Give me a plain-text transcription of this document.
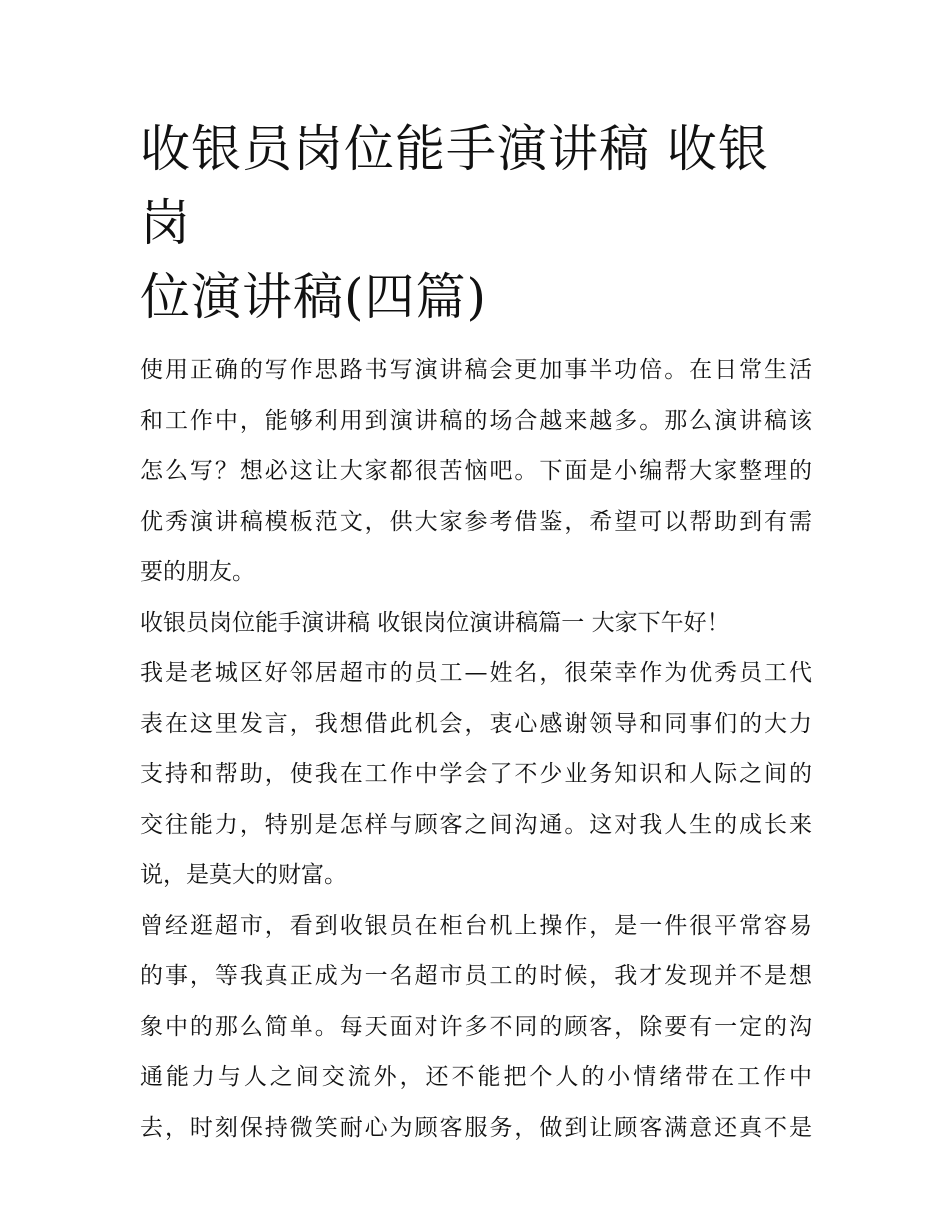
收银员岗位能手演讲稿 收银岗
位演讲稿(四篇)

使用正确的写作思路书写演讲稿会更加事半功倍。在日常生活
和工作中，能够利用到演讲稿的场合越来越多。那么演讲稿该
怎么写？想必这让大家都很苦恼吧。下面是小编帮大家整理的
优秀演讲稿模板范文，供大家参考借鉴，希望可以帮助到有需
要的朋友。

收银员岗位能手演讲稿 收银岗位演讲稿篇一 大家下午好！

我是老城区好邻居超市的员工—姓名，很荣幸作为优秀员工代
表在这里发言，我想借此机会，衷心感谢领导和同事们的大力
支持和帮助，使我在工作中学会了不少业务知识和人际之间的
交往能力，特别是怎样与顾客之间沟通。这对我人生的成长来
说，是莫大的财富。

曾经逛超市，看到收银员在柜台机上操作，是一件很平常容易
的事，等我真正成为一名超市员工的时候，我才发现并不是想
象中的那么简单。每天面对许多不同的顾客，除要有一定的沟
通能力与人之间交流外，还不能把个人的小情绪带在工作中
去，时刻保持微笑耐心为顾客服务，做到让顾客满意还真不是
